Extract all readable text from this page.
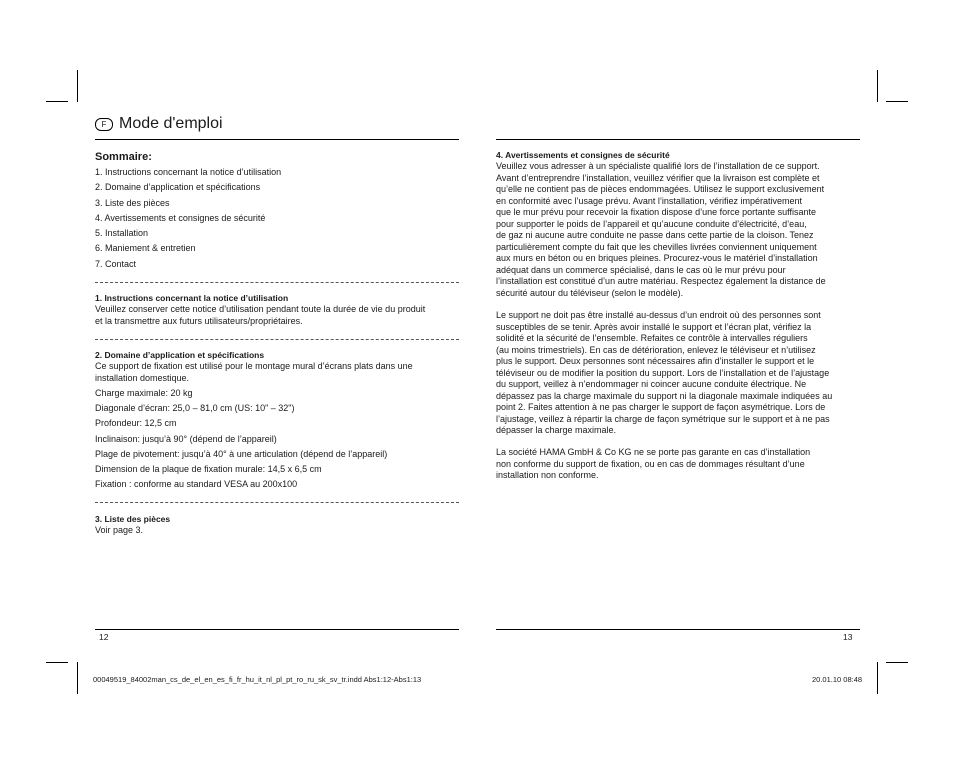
F Mode d'emploi
Sommaire:
1. Instructions concernant la notice d’utilisation
2. Domaine d’application et spécifications
3. Liste des pièces
4. Avertissements et consignes de sécurité
5. Installation
6. Maniement & entretien
7. Contact
1. Instructions concernant la notice d’utilisation
Veuillez conserver cette notice d’utilisation pendant toute la durée de vie du produit
et la transmettre aux futurs utilisateurs/propriétaires.
2. Domaine d’application et spécifications
Ce support de fixation est utilisé pour le montage mural d’écrans plats dans une
installation domestique.
Charge maximale: 20 kg
Diagonale d’écran: 25,0 – 81,0 cm (US: 10" – 32")
Profondeur: 12,5 cm
Inclinaison: jusqu’à 90° (dépend de l’appareil)
Plage de pivotement: jusqu’à 40° à une articulation (dépend de l’appareil)
Dimension de la plaque de fixation murale: 14,5 x 6,5 cm
Fixation : conforme au standard VESA au 200x100
3. Liste des pièces
Voir page 3.
4. Avertissements et consignes de sécurité
Veuillez vous adresser à un spécialiste qualifié lors de l’installation de ce support.
Avant d’entreprendre l’installation, veuillez vérifier que la livraison est complète et
qu’elle ne contient pas de pièces endommagées. Utilisez le support exclusivement
en conformité avec l’usage prévu. Avant l’installation, vérifiez impérativement
que le mur prévu pour recevoir la fixation dispose d’une force portante suffisante
pour supporter le poids de l’appareil et qu’aucune conduite d’électricité, d’eau,
de gaz ni aucune autre conduite ne passe dans cette partie de la cloison. Tenez
particulièrement compte du fait que les chevilles livrées conviennent uniquement
aux murs en béton ou en briques pleines. Procurez-vous le matériel d’installation
adéquat dans un commerce spécialisé, dans le cas où le mur prévu pour
l’installation est constitué d’un autre matériau. Respectez également la distance de
sécurité autour du téléviseur (selon le modèle).
Le support ne doit pas être installé au-dessus d’un endroit où des personnes sont
susceptibles de se tenir. Après avoir installé le support et l’écran plat, vérifiez la
solidité et la sécurité de l’ensemble. Refaites ce contrôle à intervalles réguliers
(au moins trimestriels). En cas de détérioration, enlevez le téléviseur et n’utilisez
plus le support. Deux personnes sont nécessaires afin d’installer le support et le
téléviseur ou de modifier la position du support. Lors de l’installation et de l’ajustage
du support, veillez à n’endommager ni coincer aucune conduite électrique. Ne
dépassez pas la charge maximale du support ni la diagonale maximale indiquées au
point 2. Faites attention à ne pas charger le support de façon asymétrique. Lors de
l’ajustage, veillez à répartir la charge de façon symétrique sur le support et à ne pas
dépasser la charge maximale.
La société HAMA GmbH & Co KG ne se porte pas garante en cas d’installation
non conforme du support de fixation, ou en cas de dommages résultant d’une
installation non conforme.
12	13
00049519_84002man_cs_de_el_en_es_fi_fr_hu_it_nl_pl_pt_ro_ru_sk_sv_tr.indd Abs1:12-Abs1:13	20.01.10 08:48
